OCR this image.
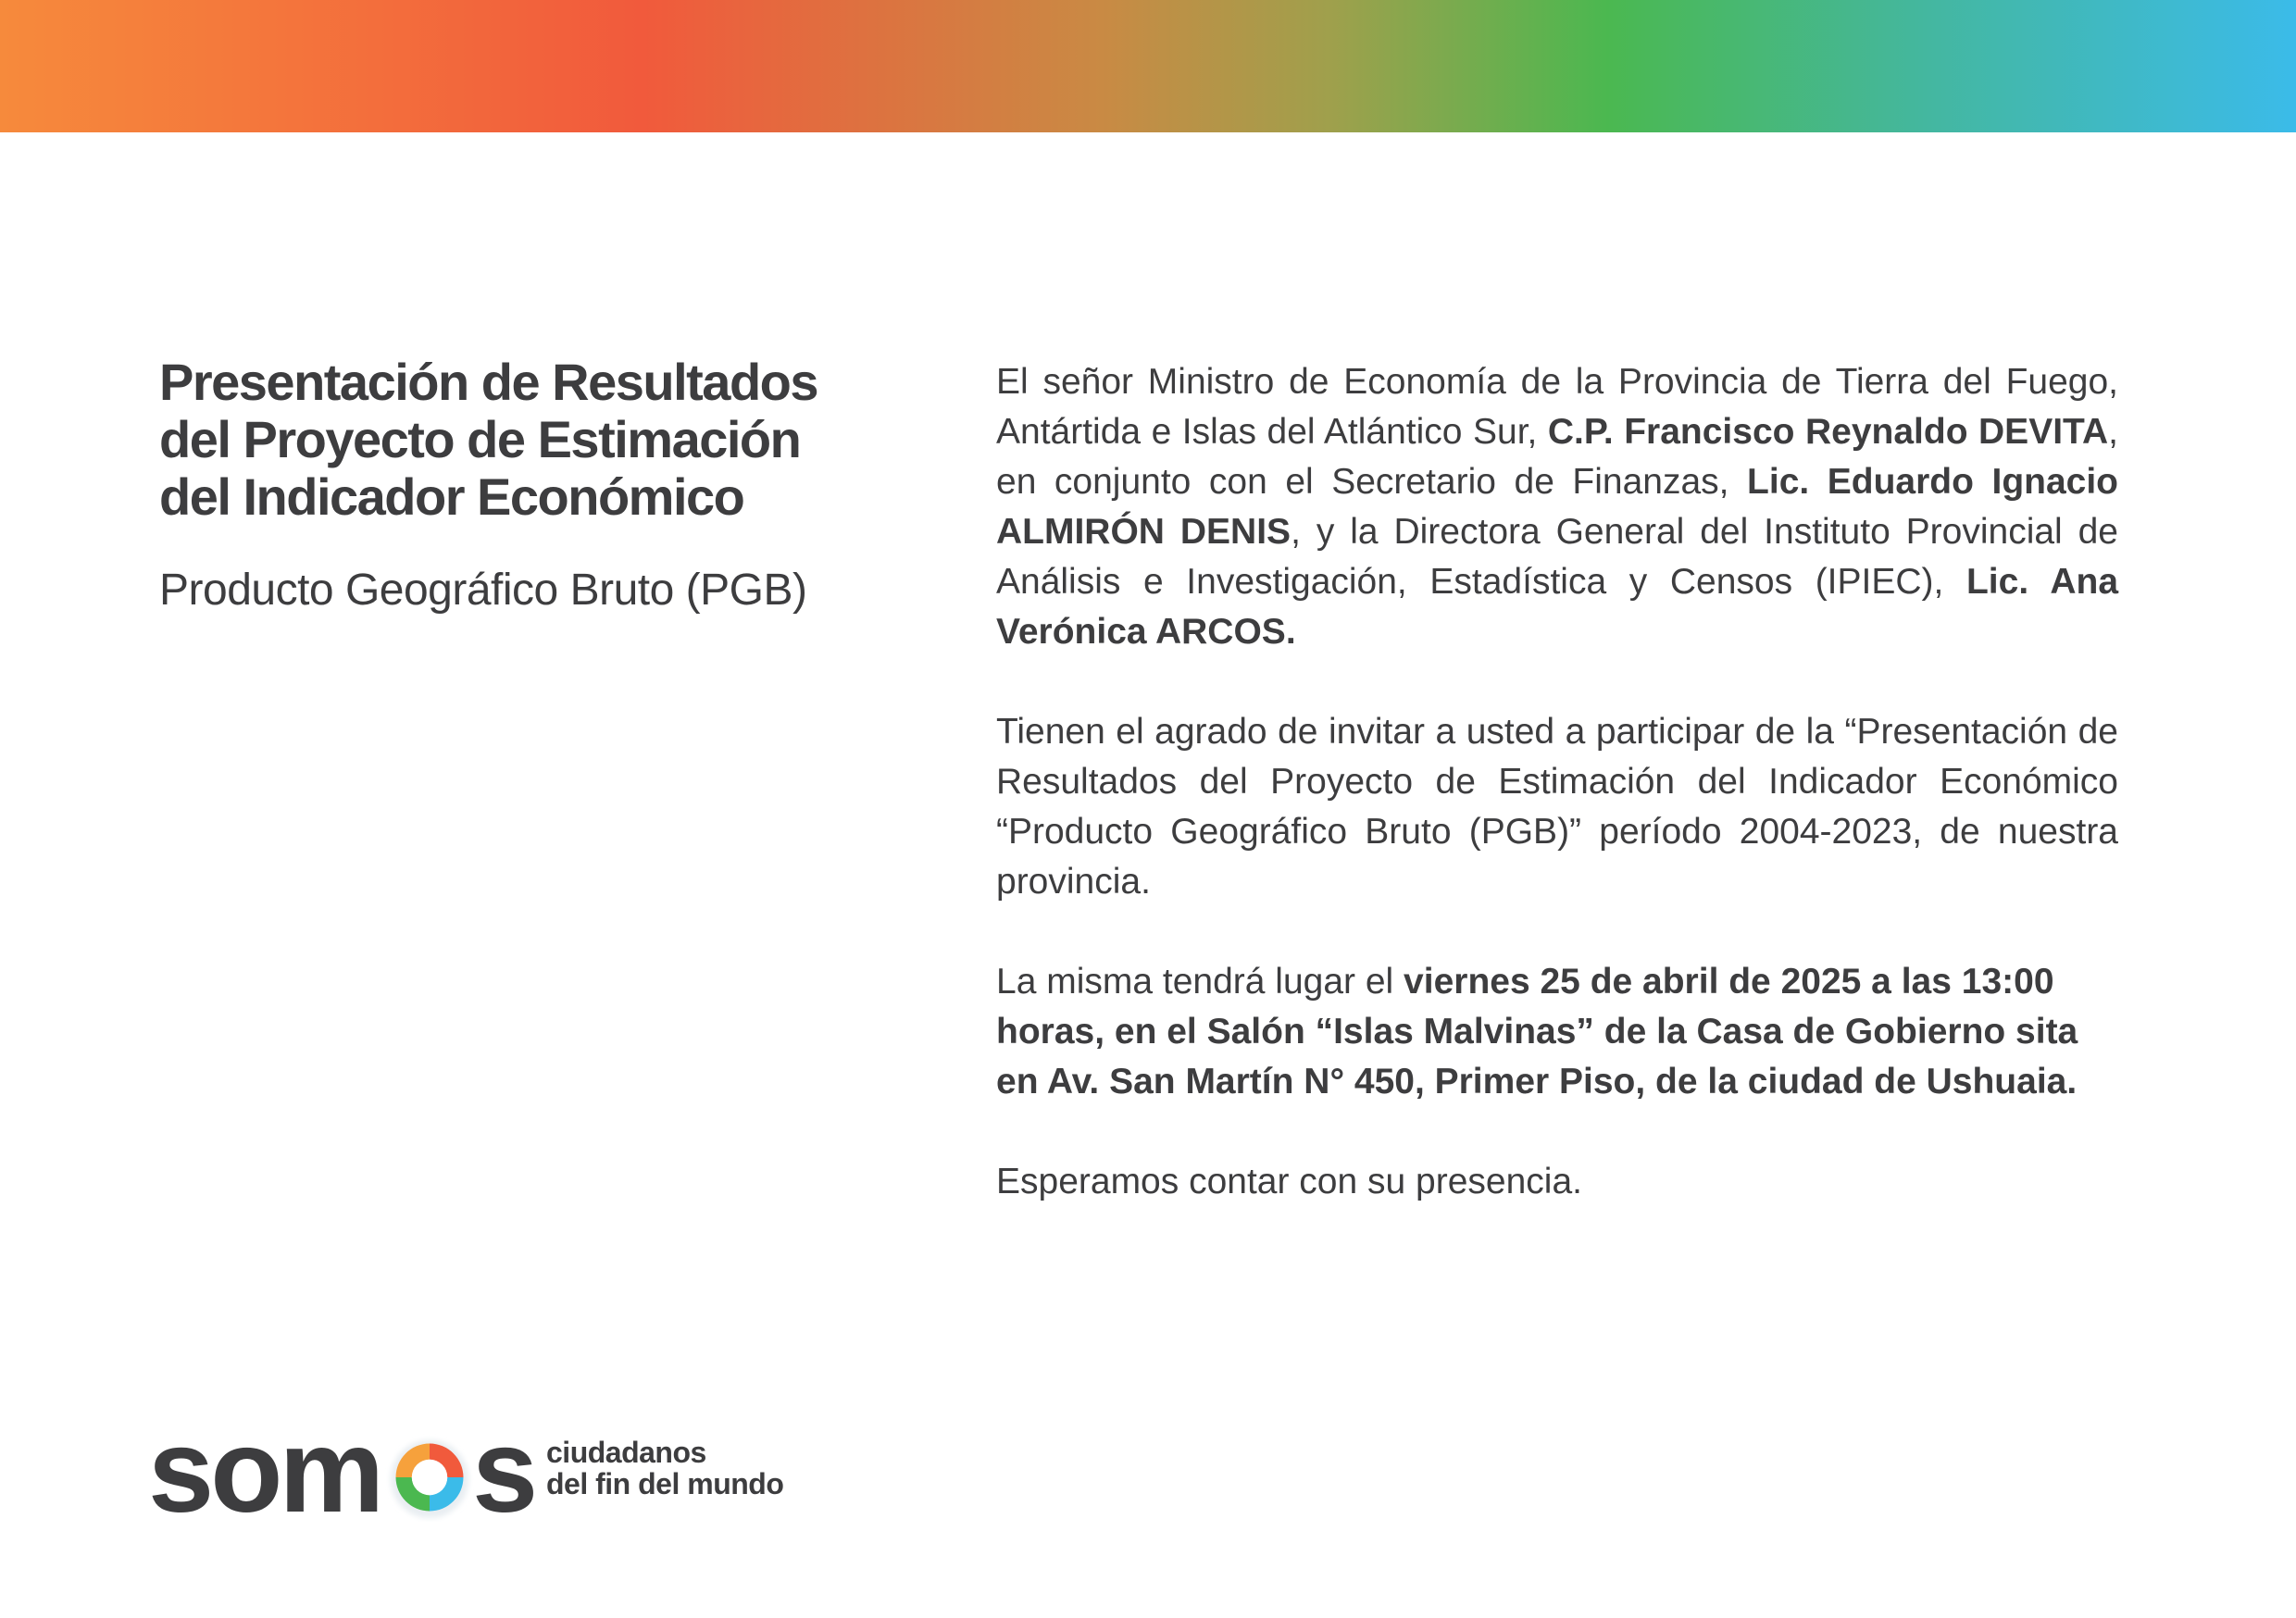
Presentación de Resultados
del Proyecto de Estimación
del Indicador Económico
Producto Geográfico Bruto (PGB)

El señor Ministro de Economía de la Provincia de Tierra del Fuego, Antártida e Islas del Atlántico Sur, C.P. Francisco Reynaldo DEVITA, en conjunto con el Secretario de Finanzas, Lic. Eduardo Ignacio ALMIRÓN DENIS, y la Directora General del Instituto Provincial de Análisis e Investigación, Estadística y Censos (IPIEC), Lic. Ana Verónica ARCOS.

Tienen el agrado de invitar a usted a participar de la “Presentación de Resultados del Proyecto de Estimación del Indicador Económico “Producto Geográfico Bruto (PGB)” período 2004-2023, de nuestra provincia.

La misma tendrá lugar el viernes 25 de abril de 2025 a las 13:00 horas, en el Salón “Islas Malvinas” de la Casa de Gobierno sita en Av. San Martín N° 450, Primer Piso, de la ciudad de Ushuaia.

Esperamos contar con su presencia.

som s ciudadanos
del fin del mundo
